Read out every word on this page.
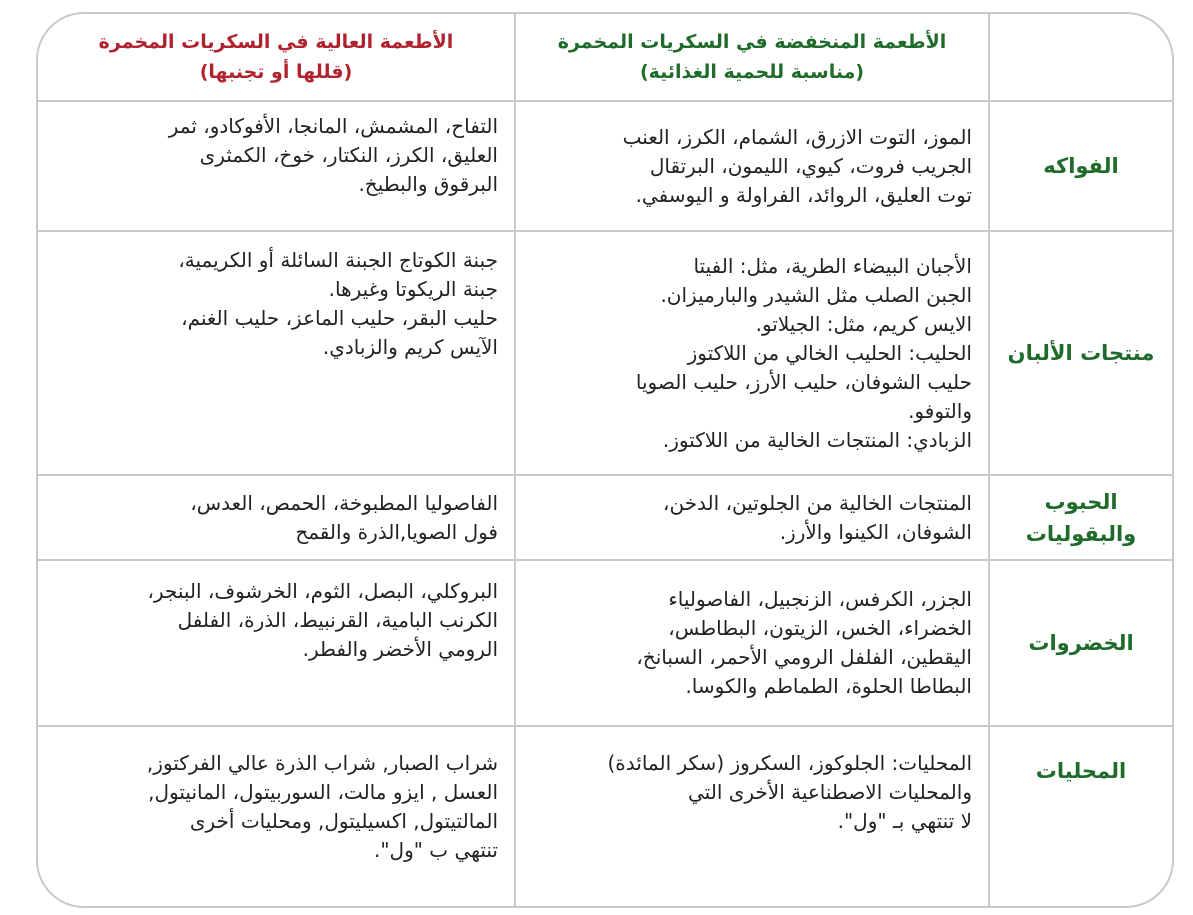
الأطعمة المنخفضة في السكريات المخمرة
(مناسبة للحمية الغذائية)
الأطعمة العالية في السكريات المخمرة
(قللها أو تجنبها)
الفواكه
الموز، التوت الازرق، الشمام، الكرز، العنب
الجريب فروت، كيوي، الليمون، البرتقال
توت العليق، الروائد، الفراولة و اليوسفي.
التفاح، المشمش، المانجا، الأفوكادو، ثمر
العليق، الكرز، النكتار، خوخ، الكمثرى
البرقوق والبطيخ.
منتجات الألبان
الأجبان البيضاء الطرية، مثل: الفيتا
الجبن الصلب مثل الشيدر والبارميزان.
الايس كريم، مثل: الجيلاتو.
الحليب: الحليب الخالي من اللاكتوز
حليب الشوفان، حليب الأرز، حليب الصويا
والتوفو.
الزبادي: المنتجات الخالية من اللاكتوز.
جبنة الكوتاج الجبنة السائلة أو الكريمية،
جبنة الريكوتا وغيرها.
حليب البقر، حليب الماعز، حليب الغنم،
الآيس كريم والزبادي.
الحبوب
والبقوليات
المنتجات الخالية من الجلوتين، الدخن،
الشوفان، الكينوا والأرز.
الفاصوليا المطبوخة، الحمص، العدس،
فول الصويا,الذرة والقمح
الخضروات
الجزر، الكرفس، الزنجبيل، الفاصولياء
الخضراء، الخس، الزيتون، البطاطس،
اليقطين، الفلفل الرومي الأحمر، السبانخ،
البطاطا الحلوة، الطماطم والكوسا.
البروكلي، البصل، الثوم، الخرشوف، البنجر،
الكرنب البامية، القرنبيط، الذرة، الفلفل
الرومي الأخضر والفطر.
المحليات
المحليات: الجلوكوز، السكروز (سكر المائدة)
والمحليات الاصطناعية الأخرى التي
لا تنتهي بـ "ول".
شراب الصبار, شراب الذرة عالي الفركتوز,
العسل , ايزو مالت، السوربيتول، المانيتول,
المالتيتول, اكسيليتول, ومحليات أخرى
تنتهي ب "ول".
